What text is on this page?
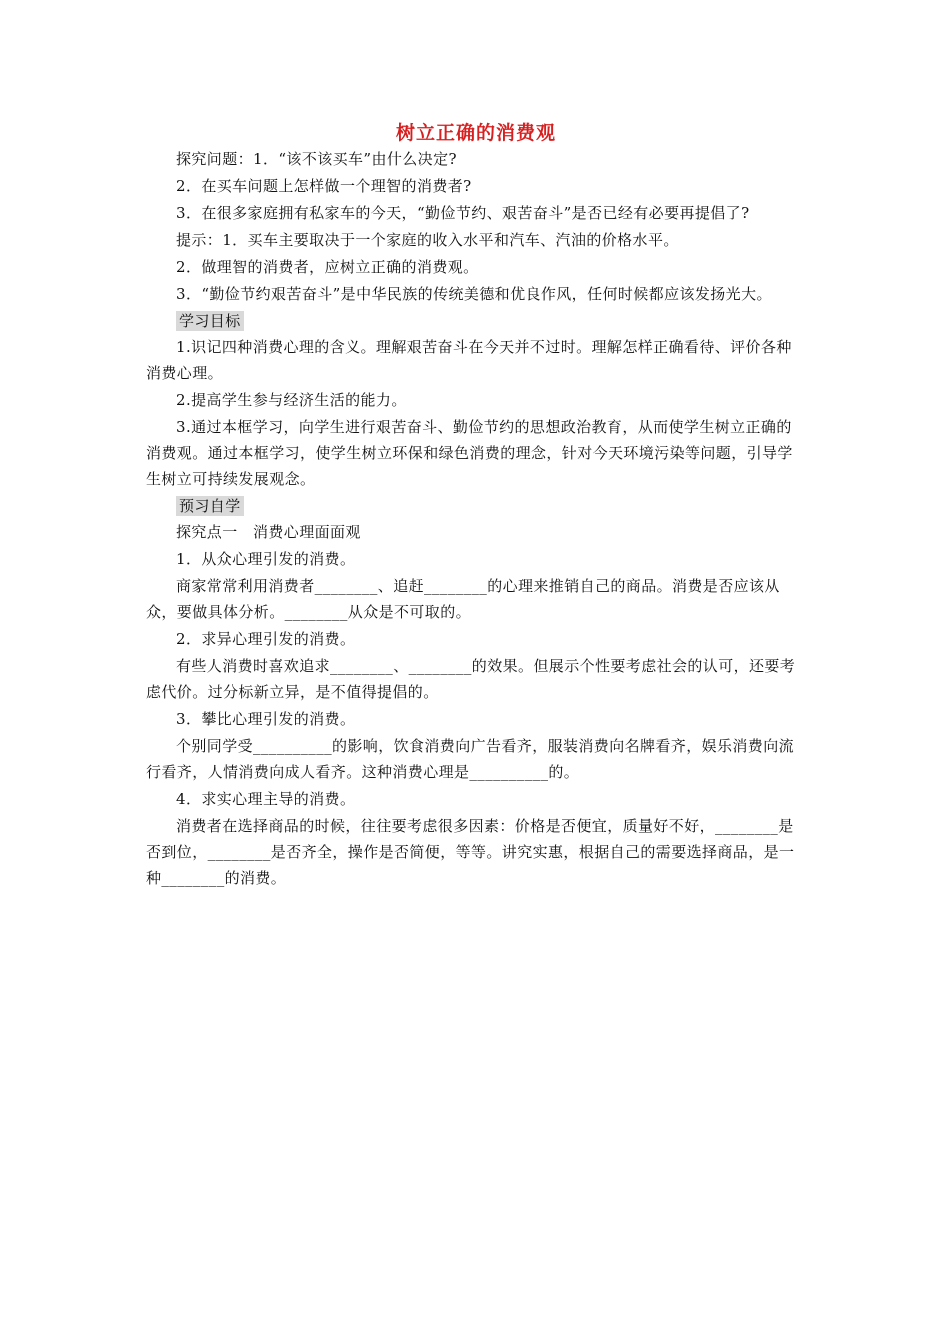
树立正确的消费观

探究问题：1．“该不该买车”由什么决定?

2．在买车问题上怎样做一个理智的消费者?

3．在很多家庭拥有私家车的今天，“勤俭节约、艰苦奋斗”是否已经有必要再提倡了?

提示：1．买车主要取决于一个家庭的收入水平和汽车、汽油的价格水平。

2．做理智的消费者，应树立正确的消费观。

3．“勤俭节约艰苦奋斗”是中华民族的传统美德和优良作风，任何时候都应该发扬光大。

学习目标

1.识记四种消费心理的含义。理解艰苦奋斗在今天并不过时。理解怎样正确看待、评价各种消费心理。

2.提高学生参与经济生活的能力。

3.通过本框学习，向学生进行艰苦奋斗、勤俭节约的思想政治教育，从而使学生树立正确的消费观。通过本框学习，使学生树立环保和绿色消费的理念，针对今天环境污染等问题，引导学生树立可持续发展观念。

预习自学

探究点一　消费心理面面观

1．从众心理引发的消费。

商家常常利用消费者________、追赶________的心理来推销自己的商品。消费是否应该从众，要做具体分析。________从众是不可取的。

2．求异心理引发的消费。

有些人消费时喜欢追求________、________的效果。但展示个性要考虑社会的认可，还要考虑代价。过分标新立异，是不值得提倡的。

3．攀比心理引发的消费。

个别同学受__________的影响，饮食消费向广告看齐，服装消费向名牌看齐，娱乐消费向流行看齐，人情消费向成人看齐。这种消费心理是__________的。

4．求实心理主导的消费。

消费者在选择商品的时候，往往要考虑很多因素：价格是否便宜，质量好不好，________是否到位，________是否齐全，操作是否简便，等等。讲究实惠，根据自己的需要选择商品，是一种________的消费。
